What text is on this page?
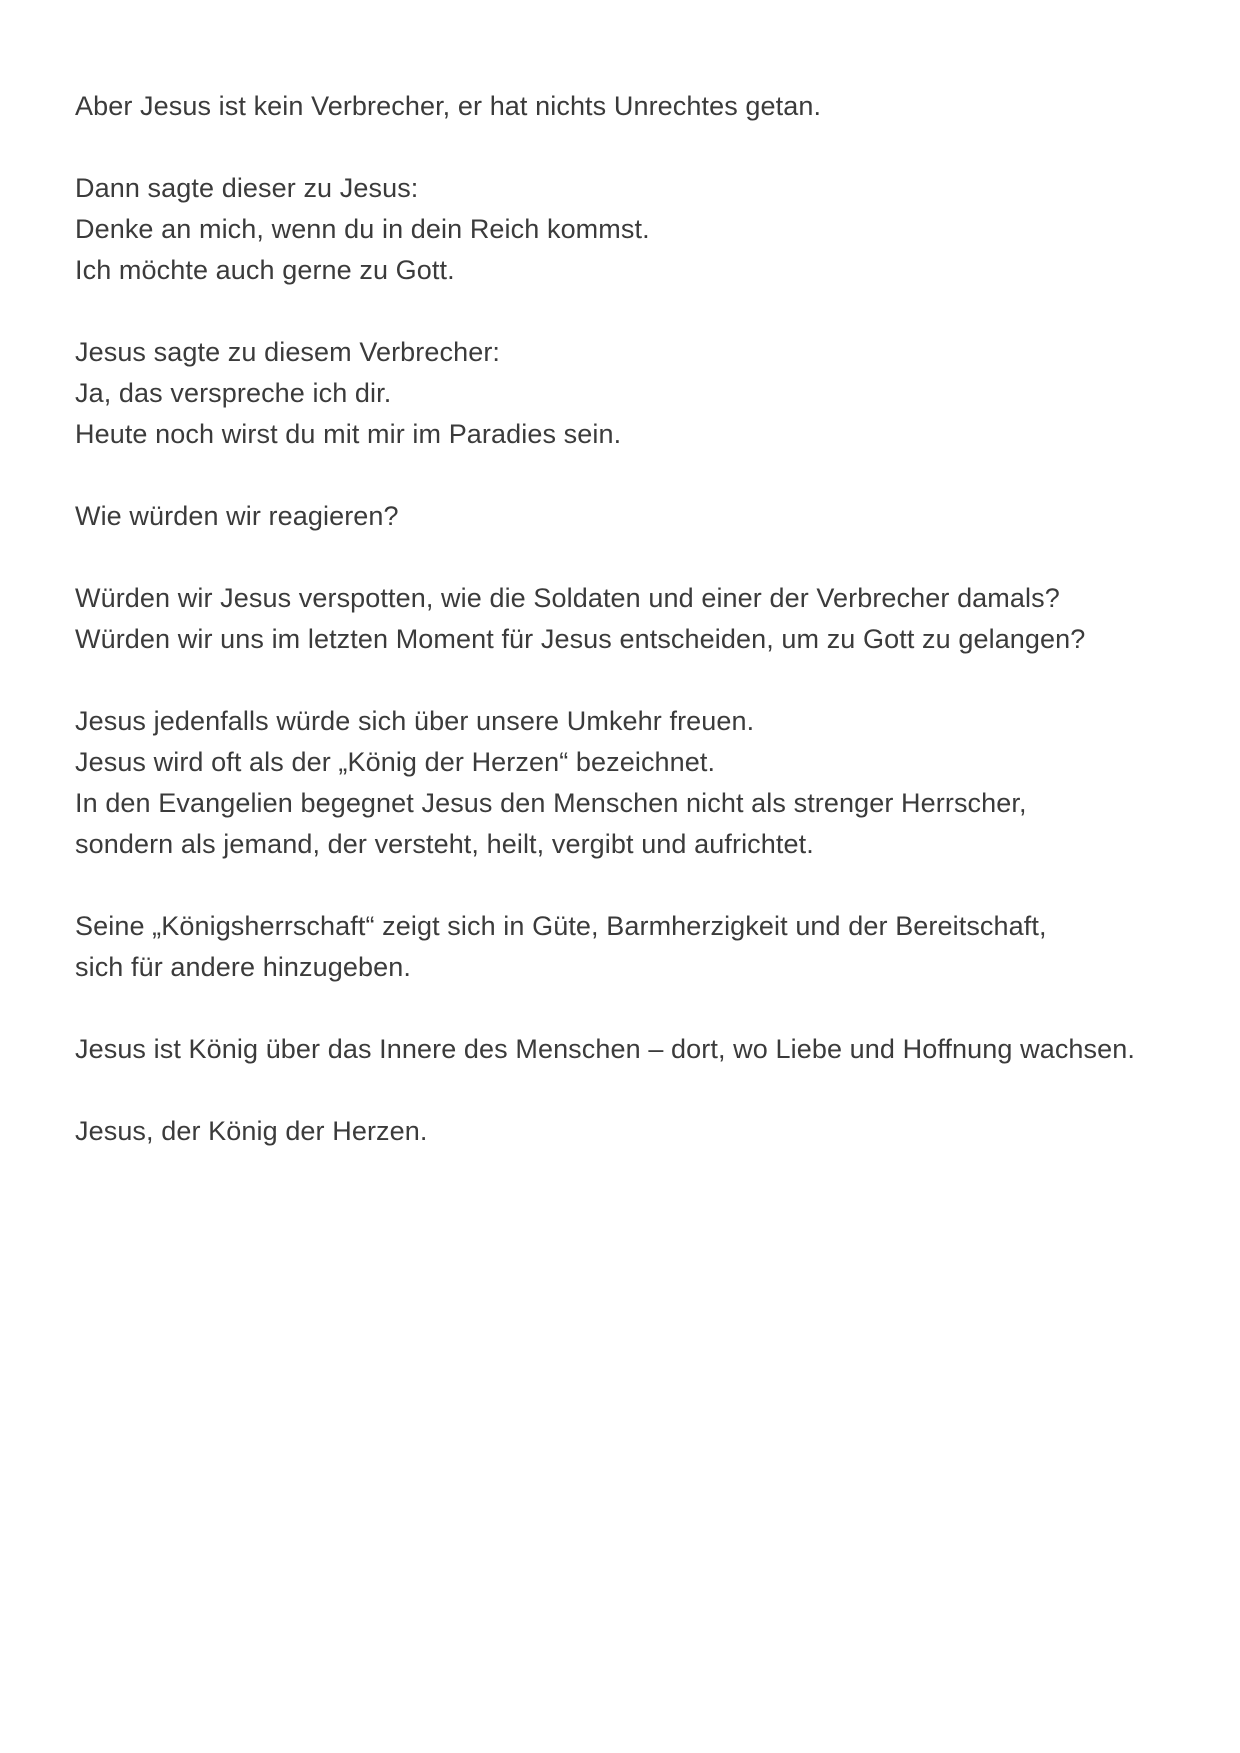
Aber Jesus ist kein Verbrecher, er hat nichts Unrechtes getan.

Dann sagte dieser zu Jesus:
Denke an mich, wenn du in dein Reich kommst.
Ich möchte auch gerne zu Gott.

Jesus sagte zu diesem Verbrecher:
Ja, das verspreche ich dir.
Heute noch wirst du mit mir im Paradies sein.

Wie würden wir reagieren?

Würden wir Jesus verspotten, wie die Soldaten und einer der Verbrecher damals?
Würden wir uns im letzten Moment für Jesus entscheiden, um zu Gott zu gelangen?

Jesus jedenfalls würde sich über unsere Umkehr freuen.
Jesus wird oft als der „König der Herzen“ bezeichnet.
In den Evangelien begegnet Jesus den Menschen nicht als strenger Herrscher,
sondern als jemand, der versteht, heilt, vergibt und aufrichtet.

Seine „Königsherrschaft“ zeigt sich in Güte, Barmherzigkeit und der Bereitschaft,
sich für andere hinzugeben.

Jesus ist König über das Innere des Menschen – dort, wo Liebe und Hoffnung wachsen.

Jesus, der König der Herzen.
